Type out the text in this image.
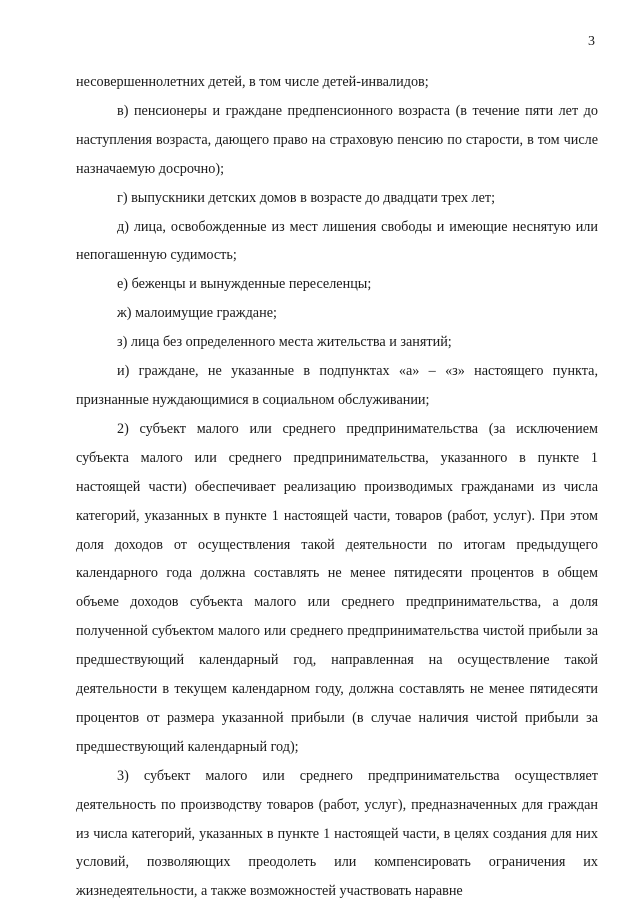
3

несовершеннолетних детей, в том числе детей-инвалидов;

в) пенсионеры и граждане предпенсионного возраста (в течение пяти лет до наступления возраста, дающего право на страховую пенсию по старости, в том числе назначаемую досрочно);

г) выпускники детских домов в возрасте до двадцати трех лет;

д) лица, освобожденные из мест лишения свободы и имеющие неснятую или непогашенную судимость;

е) беженцы и вынужденные переселенцы;

ж) малоимущие граждане;

з) лица без определенного места жительства и занятий;

и) граждане, не указанные в подпунктах «а» – «з» настоящего пункта, признанные нуждающимися в социальном обслуживании;

2) субъект малого или среднего предпринимательства (за исключением субъекта малого или среднего предпринимательства, указанного в пункте 1 настоящей части) обеспечивает реализацию производимых гражданами из числа категорий, указанных в пункте 1 настоящей части, товаров (работ, услуг). При этом доля доходов от осуществления такой деятельности по итогам предыдущего календарного года должна составлять не менее пятидесяти процентов в общем объеме доходов субъекта малого или среднего предпринимательства, а доля полученной субъектом малого или среднего предпринимательства чистой прибыли за предшествующий календарный год, направленная на осуществление такой деятельности в текущем календарном году, должна составлять не менее пятидесяти процентов от размера указанной прибыли (в случае наличия чистой прибыли за предшествующий календарный год);

3) субъект малого или среднего предпринимательства осуществляет деятельность по производству товаров (работ, услуг), предназначенных для граждан из числа категорий, указанных в пункте 1 настоящей части, в целях создания для них условий, позволяющих преодолеть или компенсировать ограничения их жизнедеятельности, а также возможностей участвовать наравне
